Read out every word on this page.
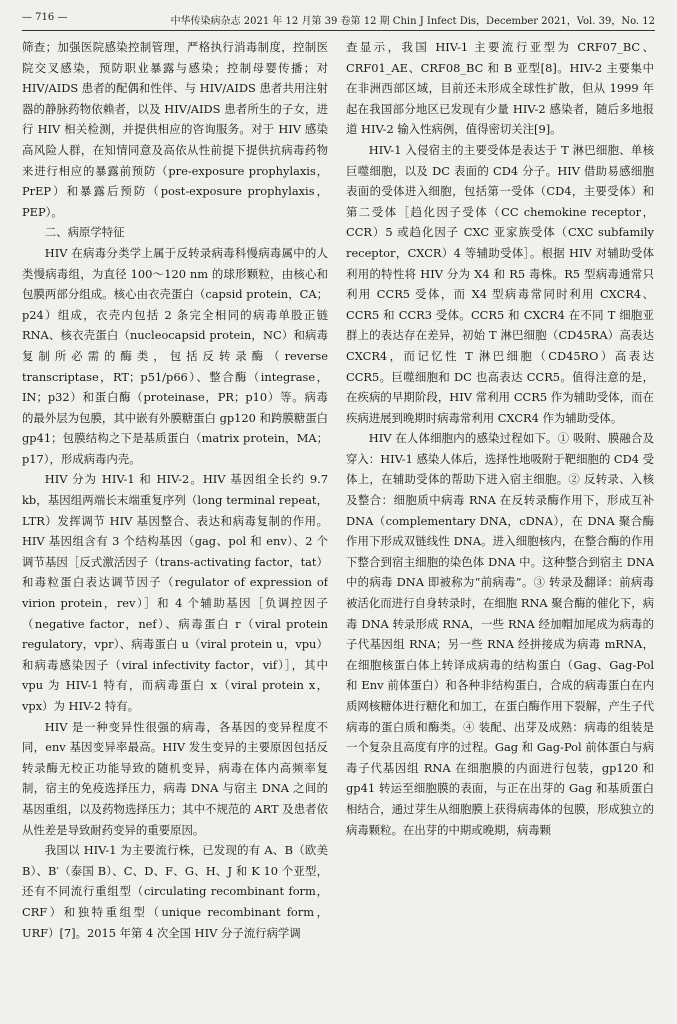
— 716 —	中华传染病杂志 2021 年 12 月第 39 卷第 12 期 Chin J Infect Dis，December 2021，Vol. 39，No. 12

筛查；加强医院感染控制管理，严格执行消毒制度，控制医院交叉感染，预防职业暴露与感染；控制母婴传播；对 HIV/AIDS 患者的配偶和性伴、与 HIV/AIDS 患者共用注射器的静脉药物依赖者，以及 HIV/AIDS 患者所生的子女，进行 HIV 相关检测，并提供相应的咨询服务。对于 HIV 感染高风险人群，在知情同意及高依从性前提下提供抗病毒药物来进行相应的暴露前预防（pre-exposure prophylaxis，PrEP）和暴露后预防（post-exposure prophylaxis，PEP）。

二、病原学特征

HIV 在病毒分类学上属于反转录病毒科慢病毒属中的人类慢病毒组，为直径 100～120 nm 的球形颗粒，由核心和包膜两部分组成。核心由衣壳蛋白（capsid protein，CA；p24）组成，衣壳内包括 2 条完全相同的病毒单股正链 RNA、核衣壳蛋白（nucleocapsid protein，NC）和病毒复制所必需的酶类，包括反转录酶（reverse transcriptase，RT；p51/p66）、整合酶（integrase，IN；p32）和蛋白酶（proteinase，PR；p10）等。病毒的最外层为包膜，其中嵌有外膜糖蛋白 gp120 和跨膜糖蛋白 gp41；包膜结构之下是基质蛋白（matrix protein，MA；p17），形成病毒内壳。

HIV 分为 HIV-1 和 HIV-2。HIV 基因组全长约 9.7 kb，基因组两端长末端重复序列（long terminal repeat，LTR）发挥调节 HIV 基因整合、表达和病毒复制的作用。HIV 基因组含有 3 个结构基因（gag、pol 和 env）、2 个调节基因［反式激活因子（trans-activating factor，tat）和毒粒蛋白表达调节因子（regulator of expression of virion protein，rev）］和 4 个辅助基因［负调控因子（negative factor，nef）、病毒蛋白 r（viral protein regulatory，vpr）、病毒蛋白 u（viral protein u，vpu）和病毒感染因子（viral infectivity factor，vif）］，其中 vpu 为 HIV-1 特有，而病毒蛋白 x（viral protein x，vpx）为 HIV-2 特有。

HIV 是一种变异性很强的病毒，各基因的变异程度不同，env 基因变异率最高。HIV 发生变异的主要原因包括反转录酶无校正功能导致的随机变异，病毒在体内高频率复制，宿主的免疫选择压力，病毒 DNA 与宿主 DNA 之间的基因重组，以及药物选择压力；其中不规范的 ART 及患者依从性差是导致耐药变异的重要原因。

我国以 HIV-1 为主要流行株，已发现的有 A、B（欧美 B）、B′（泰国 B）、C、D、F、G、H、J 和 K 10 个亚型，还有不同流行重组型（circulating recombinant form，CRF）和独特重组型（unique recombinant form，URF）[7]。2015 年第 4 次全国 HIV 分子流行病学调

查显示，我国 HIV-1 主要流行亚型为 CRF07_BC、CRF01_AE、CRF08_BC 和 B 亚型[8]。HIV-2 主要集中在非洲西部区域，目前还未形成全球性扩散，但从 1999 年起在我国部分地区已发现有少量 HIV-2 感染者，随后多地报道 HIV-2 输入性病例，值得密切关注[9]。

HIV-1 入侵宿主的主要受体是表达于 T 淋巴细胞、单核巨噬细胞，以及 DC 表面的 CD4 分子。HIV 借助易感细胞表面的受体进入细胞，包括第一受体（CD4，主要受体）和第二受体［趋化因子受体（CC chemokine receptor，CCR）5 或趋化因子 CXC 亚家族受体（CXC subfamily receptor，CXCR）4 等辅助受体］。根据 HIV 对辅助受体利用的特性将 HIV 分为 X4 和 R5 毒株。R5 型病毒通常只利用 CCR5 受体，而 X4 型病毒常同时利用 CXCR4、CCR5 和 CCR3 受体。CCR5 和 CXCR4 在不同 T 细胞亚群上的表达存在差异，初始 T 淋巴细胞（CD45RA）高表达 CXCR4，而记忆性 T 淋巴细胞（CD45RO）高表达 CCR5。巨噬细胞和 DC 也高表达 CCR5。值得注意的是，在疾病的早期阶段，HIV 常利用 CCR5 作为辅助受体，而在疾病进展到晚期时病毒常利用 CXCR4 作为辅助受体。

HIV 在人体细胞内的感染过程如下。① 吸附、膜融合及穿入：HIV-1 感染人体后，选择性地吸附于靶细胞的 CD4 受体上，在辅助受体的帮助下进入宿主细胞。② 反转录、入核及整合：细胞质中病毒 RNA 在反转录酶作用下，形成互补 DNA（complementary DNA，cDNA），在 DNA 聚合酶作用下形成双链线性 DNA。进入细胞核内，在整合酶的作用下整合到宿主细胞的染色体 DNA 中。这种整合到宿主 DNA 中的病毒 DNA 即被称为“前病毒”。③ 转录及翻译：前病毒被活化而进行自身转录时，在细胞 RNA 聚合酶的催化下，病毒 DNA 转录形成 RNA，一些 RNA 经加帽加尾成为病毒的子代基因组 RNA；另一些 RNA 经拼接成为病毒 mRNA，在细胞核蛋白体上转译成病毒的结构蛋白（Gag、Gag-Pol 和 Env 前体蛋白）和各种非结构蛋白，合成的病毒蛋白在内质网核糖体进行糖化和加工，在蛋白酶作用下裂解，产生子代病毒的蛋白质和酶类。④ 装配、出芽及成熟：病毒的组装是一个复杂且高度有序的过程。Gag 和 Gag-Pol 前体蛋白与病毒子代基因组 RNA 在细胞膜的内面进行包装，gp120 和 gp41 转运至细胞膜的表面，与正在出芽的 Gag 和基质蛋白相结合，通过芽生从细胞膜上获得病毒体的包膜，形成独立的病毒颗粒。在出芽的中期或晚期，病毒颗
